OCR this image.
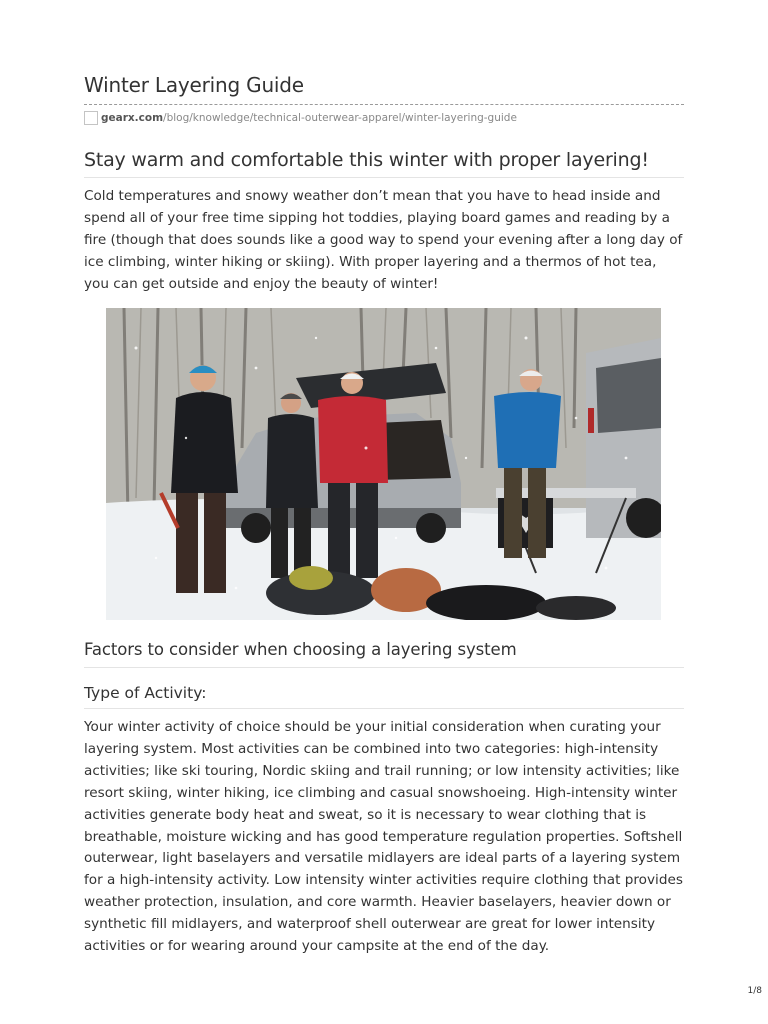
Winter Layering Guide
gearx.com /blog/knowledge/technical-outerwear-apparel/winter-layering-guide
Stay warm and comfortable this winter with proper layering!

Cold temperatures and snowy weather don’t mean that you have to head inside and spend all of your free time sipping hot toddies, playing board games and reading by a fire (though that does sounds like a good way to spend your evening after a long day of ice climbing, winter hiking or skiing). With proper layering and a thermos of hot tea, you can get outside and enjoy the beauty of winter!

Factors to consider when choosing a layering system
Type of Activity:

Your winter activity of choice should be your initial consideration when curating your layering system. Most activities can be combined into two categories: high-intensity activities; like ski touring, Nordic skiing and trail running; or low intensity activities; like resort skiing, winter hiking, ice climbing and casual snowshoeing. High-intensity winter activities generate body heat and sweat, so it is necessary to wear clothing that is breathable, moisture wicking and has good temperature regulation properties. Softshell outerwear, light baselayers and versatile midlayers are ideal parts of a layering system for a high-intensity activity. Low intensity winter activities require clothing that provides weather protection, insulation, and core warmth. Heavier baselayers, heavier down or synthetic fill midlayers, and waterproof shell outerwear are great for lower intensity activities or for wearing around your campsite at the end of the day.

1/8
